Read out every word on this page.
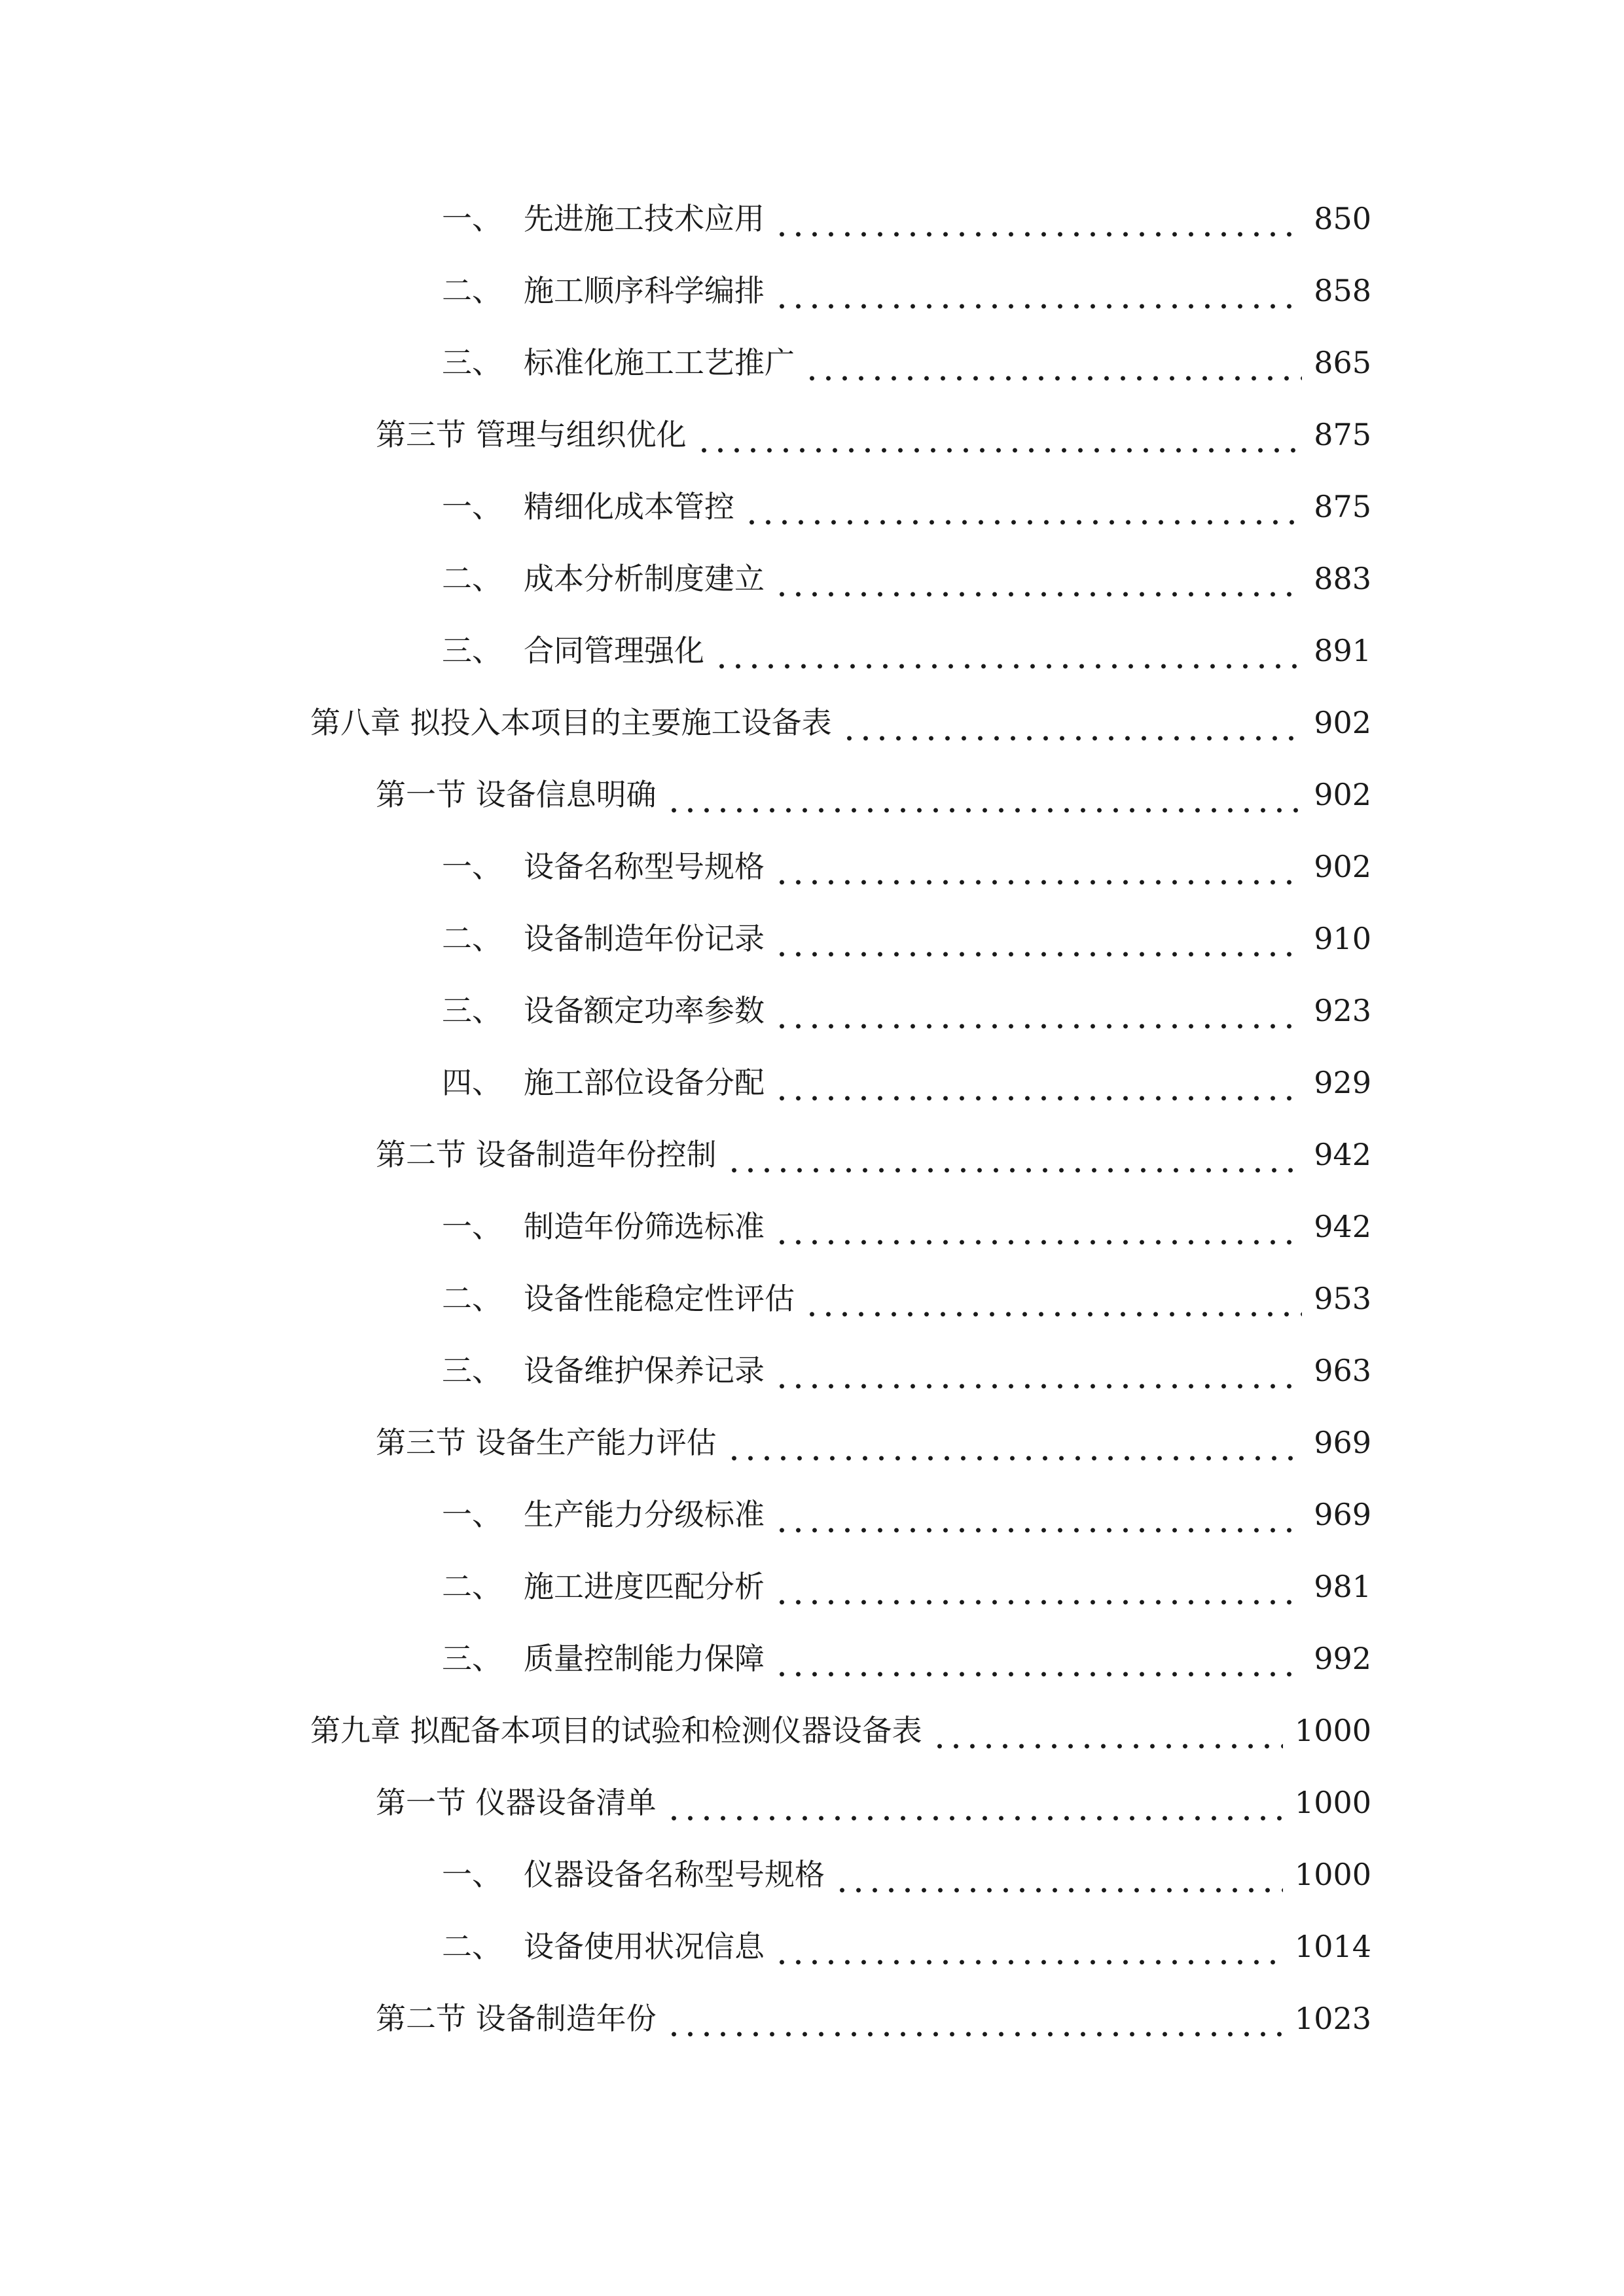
一、 先进施工技术应用	850
二、 施工顺序科学编排	858
三、 标准化施工工艺推广	865
第三节 管理与组织优化	875
一、 精细化成本管控	875
二、 成本分析制度建立	883
三、 合同管理强化	891
第八章 拟投入本项目的主要施工设备表	902
第一节 设备信息明确	902
一、 设备名称型号规格	902
二、 设备制造年份记录	910
三、 设备额定功率参数	923
四、 施工部位设备分配	929
第二节 设备制造年份控制	942
一、 制造年份筛选标准	942
二、 设备性能稳定性评估	953
三、 设备维护保养记录	963
第三节 设备生产能力评估	969
一、 生产能力分级标准	969
二、 施工进度匹配分析	981
三、 质量控制能力保障	992
第九章 拟配备本项目的试验和检测仪器设备表	1000
第一节 仪器设备清单	1000
一、 仪器设备名称型号规格	1000
二、 设备使用状况信息	1014
第二节 设备制造年份	1023
